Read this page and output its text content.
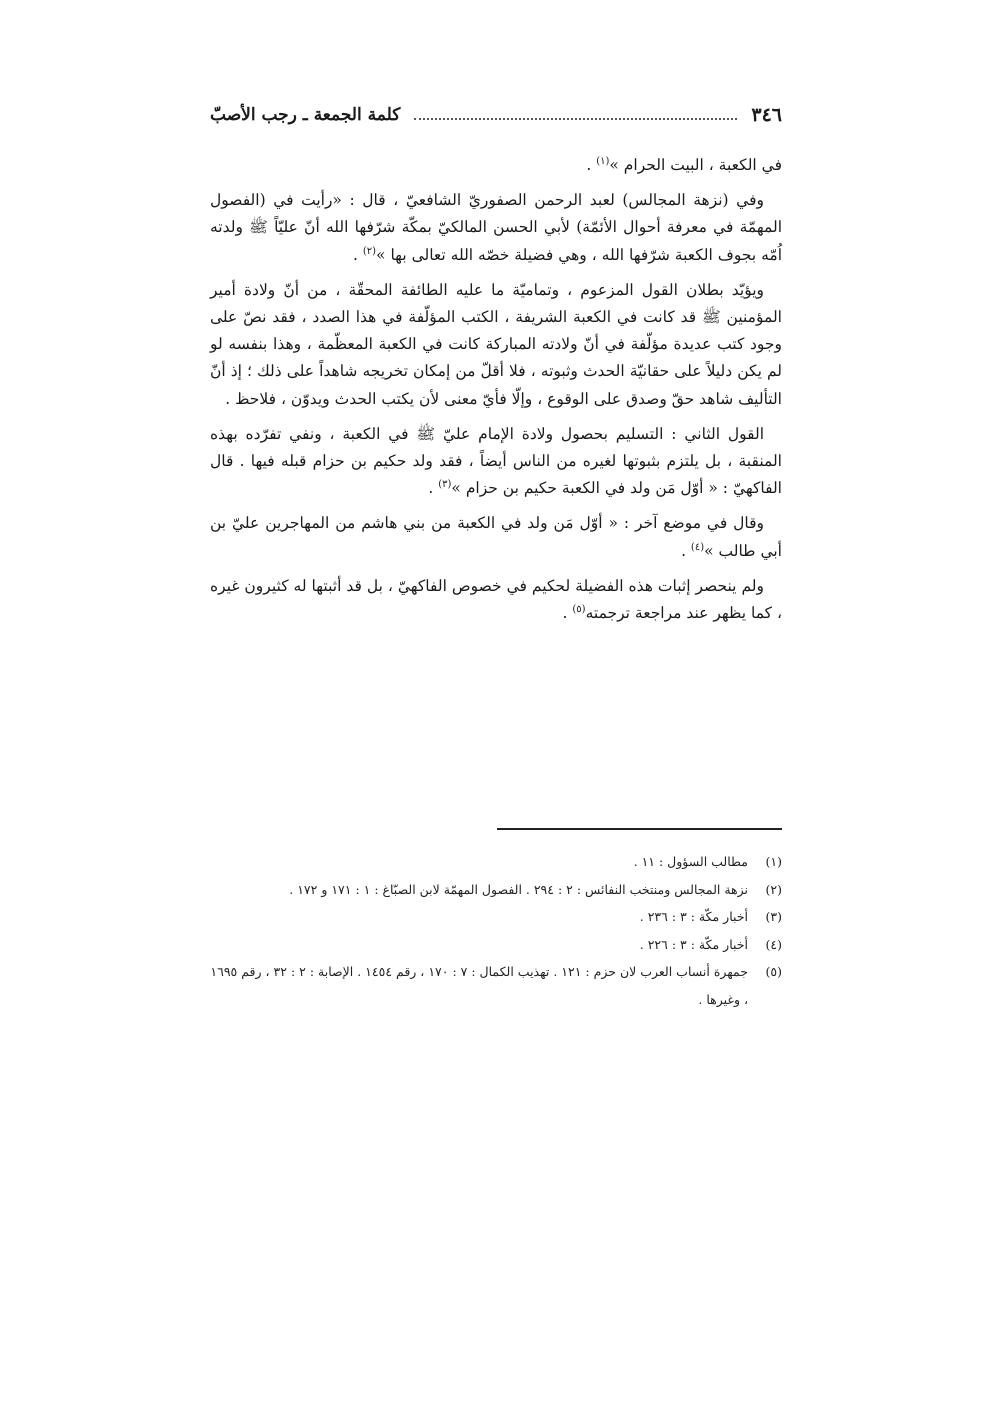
٣٤٦
كلمة الجمعة ـ رجب الأصبّ

في الكعبة ، البيت الحرام »$^{(١)}$ .

وفي (نزهة المجالس) لعبد الرحمن الصفوريّ الشافعيّ ، قال : «رأيت في (الفصول المهمّة في معرفة أحوال الأئمّة) لأبي الحسن المالكيّ بمكّة شرّفها الله أنّ عليّاً ﷺ ولدته اُمّه بجوف الكعبة شرّفها الله ، وهي فضيلة خصّه الله تعالى بها »$^{(٢)}$ .

ويؤيّد بطلان القول المزعوم ، وتماميّة ما عليه الطائفة المحقّة ، من أنّ ولادة أمير المؤمنين ﷺ قد كانت في الكعبة الشريفة ، الكتب المؤلّفة في هذا الصدد ، فقد نصّ على وجود كتب عديدة مؤلّفة في أنّ ولادته المباركة كانت في الكعبة المعظّمة ، وهذا بنفسه لو لم يكن دليلاً على حقانيّة الحدث وثبوته ، فلا أقلّ من إمكان تخريجه شاهداً على ذلك ؛ إذ أنّ التأليف شاهد حقّ وصدق على الوقوع ، وإلّا فأيّ معنى لأن يكتب الحدث ويدوّن ، فلاحظ .

القول الثاني : التسليم بحصول ولادة الإمام عليّ ﷺ في الكعبة ، ونفي تفرّده بهذه المنقبة ، بل يلتزم بثبوتها لغيره من الناس أيضاً ، فقد ولد حكيم بن حزام قبله فيها . قال الفاكهيّ : « أوّل مَن ولد في الكعبة حكيم بن حزام »$^{(٣)}$ .

وقال في موضع آخر : « أوّل مَن ولد في الكعبة من بني هاشم من المهاجرين عليّ بن أبي طالب »$^{(٤)}$ .

ولم ينحصر إثبات هذه الفضيلة لحكيم في خصوص الفاكهيّ ، بل قد أثبتها له كثيرون غيره ، كما يظهر عند مراجعة ترجمته$^{(٥)}$ .

(١)
مطالب السؤول : ١١ .
(٢)
نزهة المجالس ومنتخب النفائس : ٢ : ٢٩٤ . الفصول المهمّة لابن الصبّاغ : ١ : ١٧١ و ١٧٢ .
(٣)
أخبار مكّة : ٣ : ٢٣٦ .
(٤)
أخبار مكّة : ٣ : ٢٢٦ .
(٥)
جمهرة أنساب العرب لان حزم : ١٢١ . تهذيب الكمال : ٧ : ١٧٠ ، رقم ١٤٥٤ . الإصابة : ٢ : ٣٢ ، رقم ١٦٩٥ ، وغيرها .
